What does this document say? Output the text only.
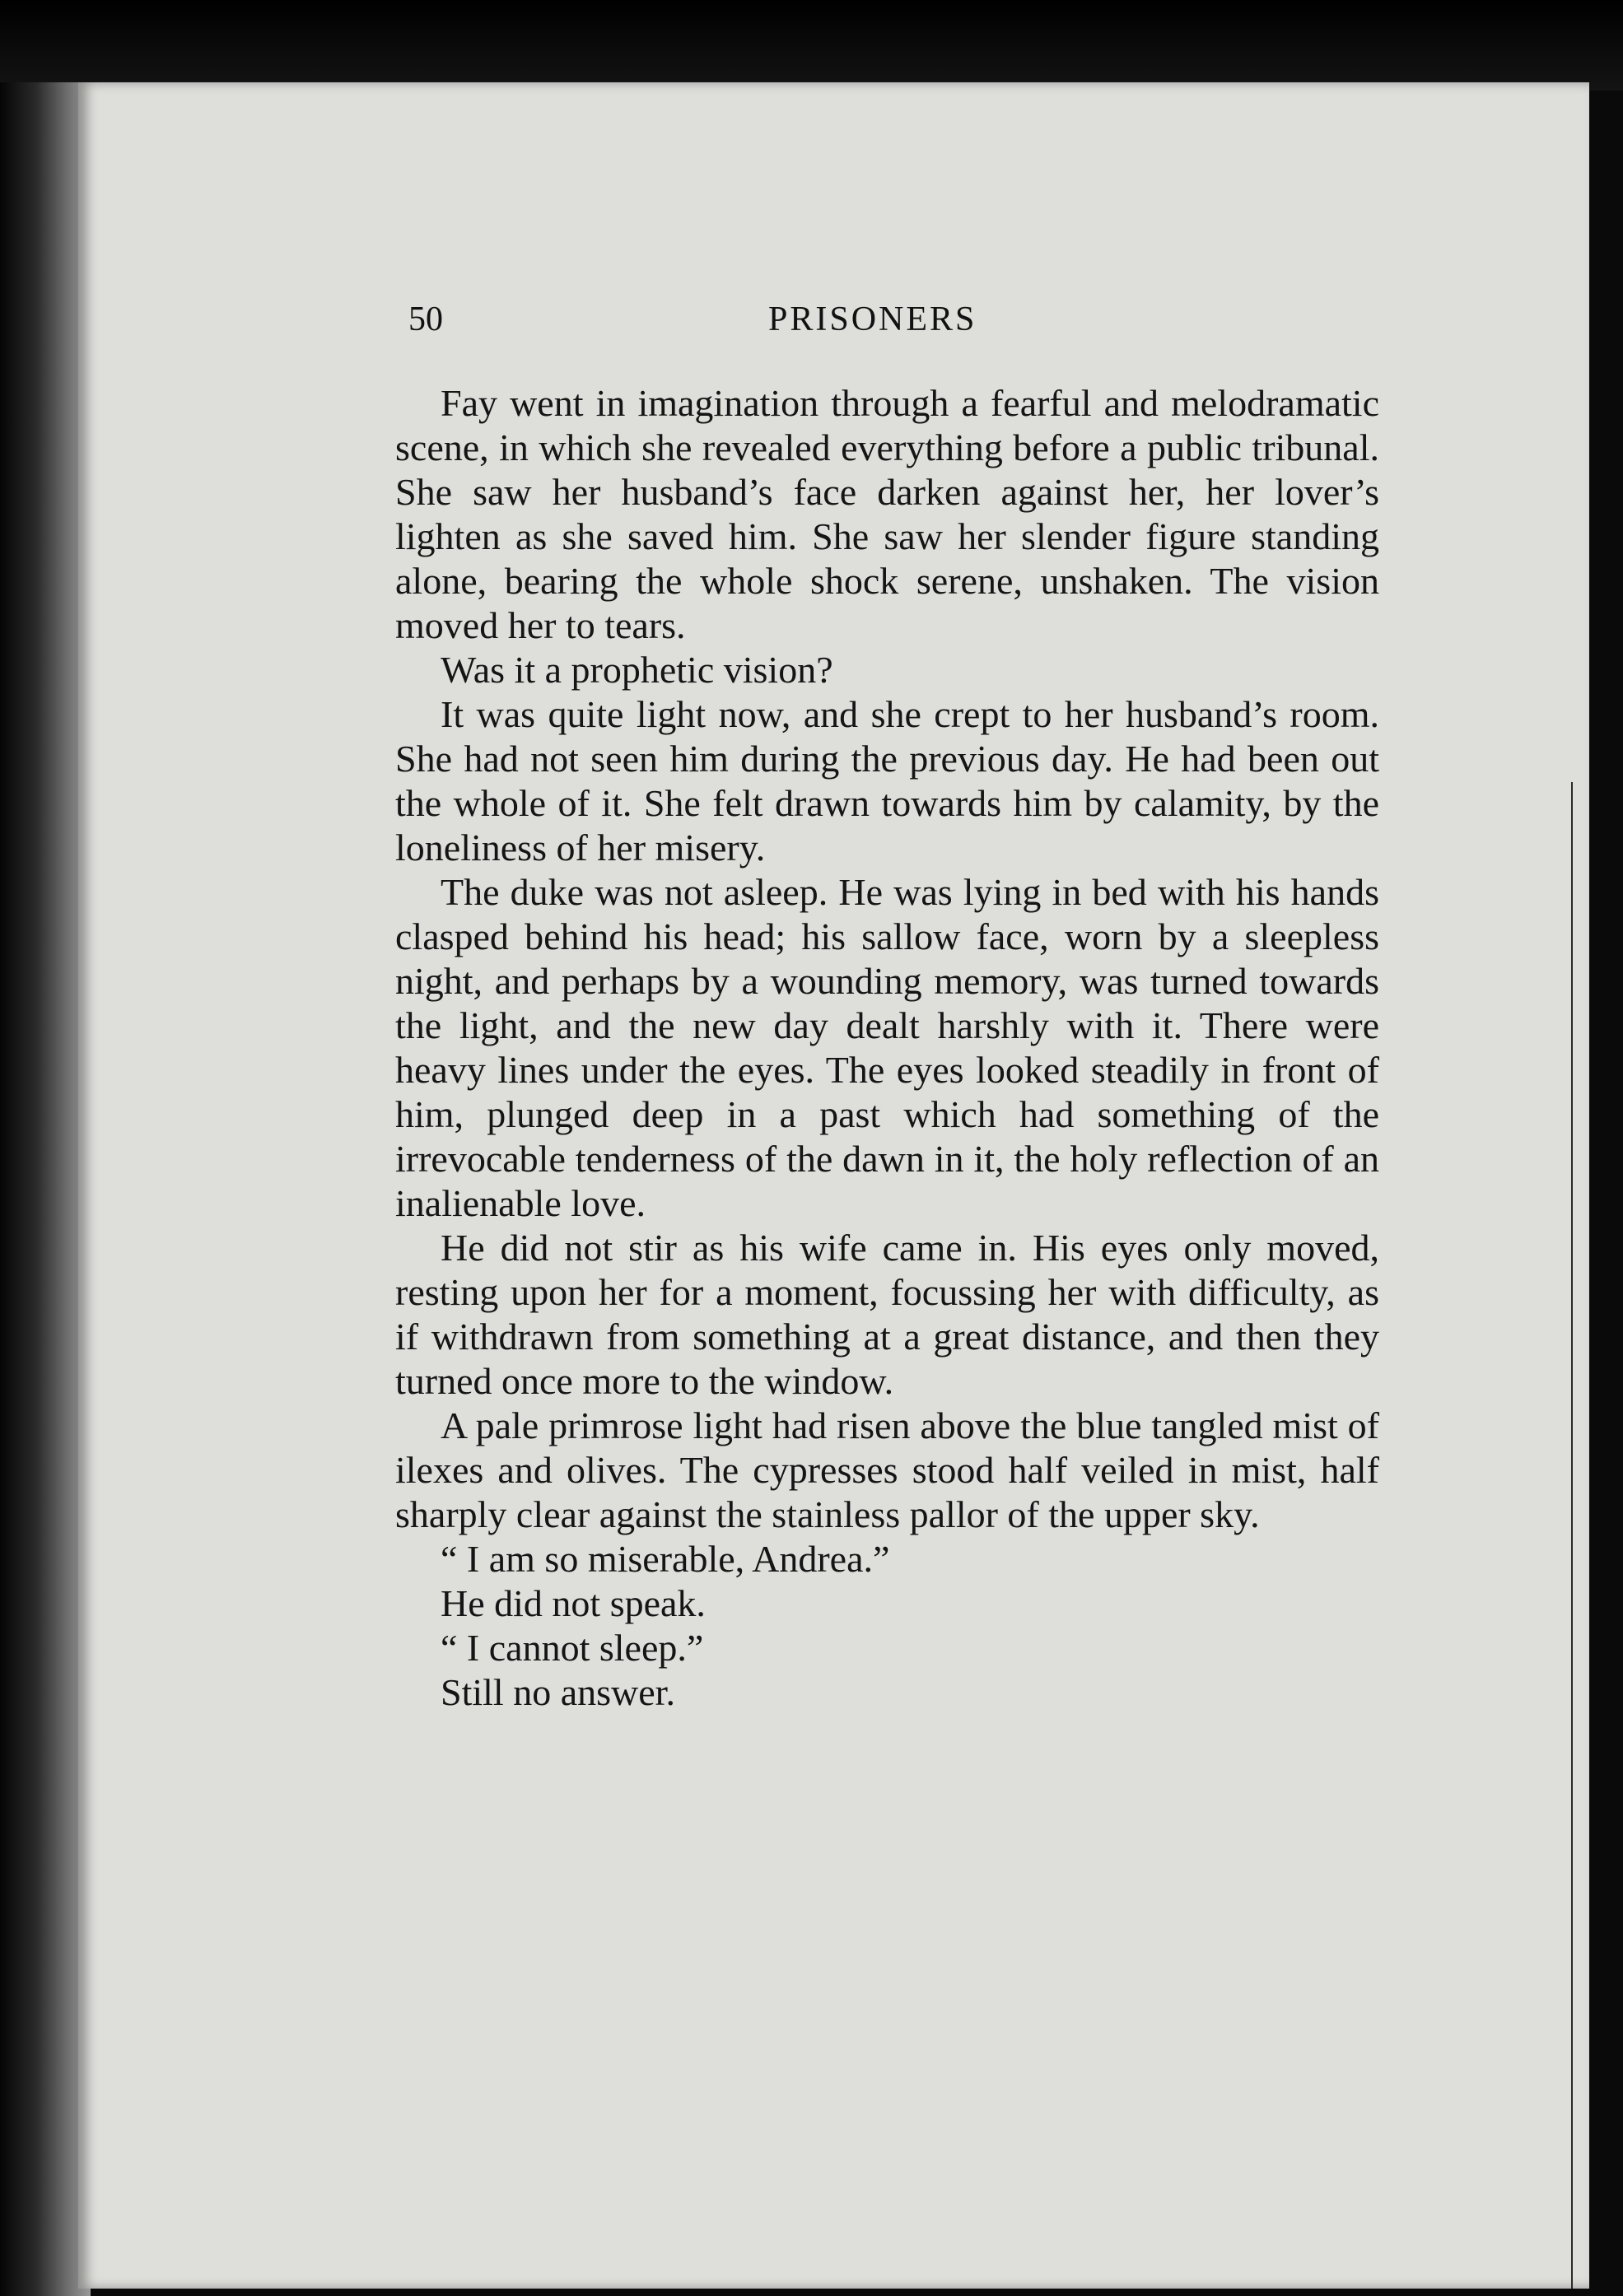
50	PRISONERS

Fay went in imagination through a fearful and melodramatic scene, in which she revealed everything before a public tribunal. She saw her husband’s face darken against her, her lover’s lighten as she saved him. She saw her slender figure standing alone, bearing the whole shock serene, unshaken. The vision moved her to tears.

Was it a prophetic vision?

It was quite light now, and she crept to her husband’s room. She had not seen him during the previous day. He had been out the whole of it. She felt drawn towards him by calamity, by the loneliness of her misery.

The duke was not asleep. He was lying in bed with his hands clasped behind his head; his sallow face, worn by a sleepless night, and perhaps by a wounding memory, was turned towards the light, and the new day dealt harshly with it. There were heavy lines under the eyes. The eyes looked steadily in front of him, plunged deep in a past which had something of the irrevocable tenderness of the dawn in it, the holy reflection of an inalienable love.

He did not stir as his wife came in. His eyes only moved, resting upon her for a moment, focussing her with difficulty, as if withdrawn from something at a great distance, and then they turned once more to the window.

A pale primrose light had risen above the blue tangled mist of ilexes and olives. The cypresses stood half veiled in mist, half sharply clear against the stainless pallor of the upper sky.

“ I am so miserable, Andrea.”

He did not speak.

“ I cannot sleep.”

Still no answer.
